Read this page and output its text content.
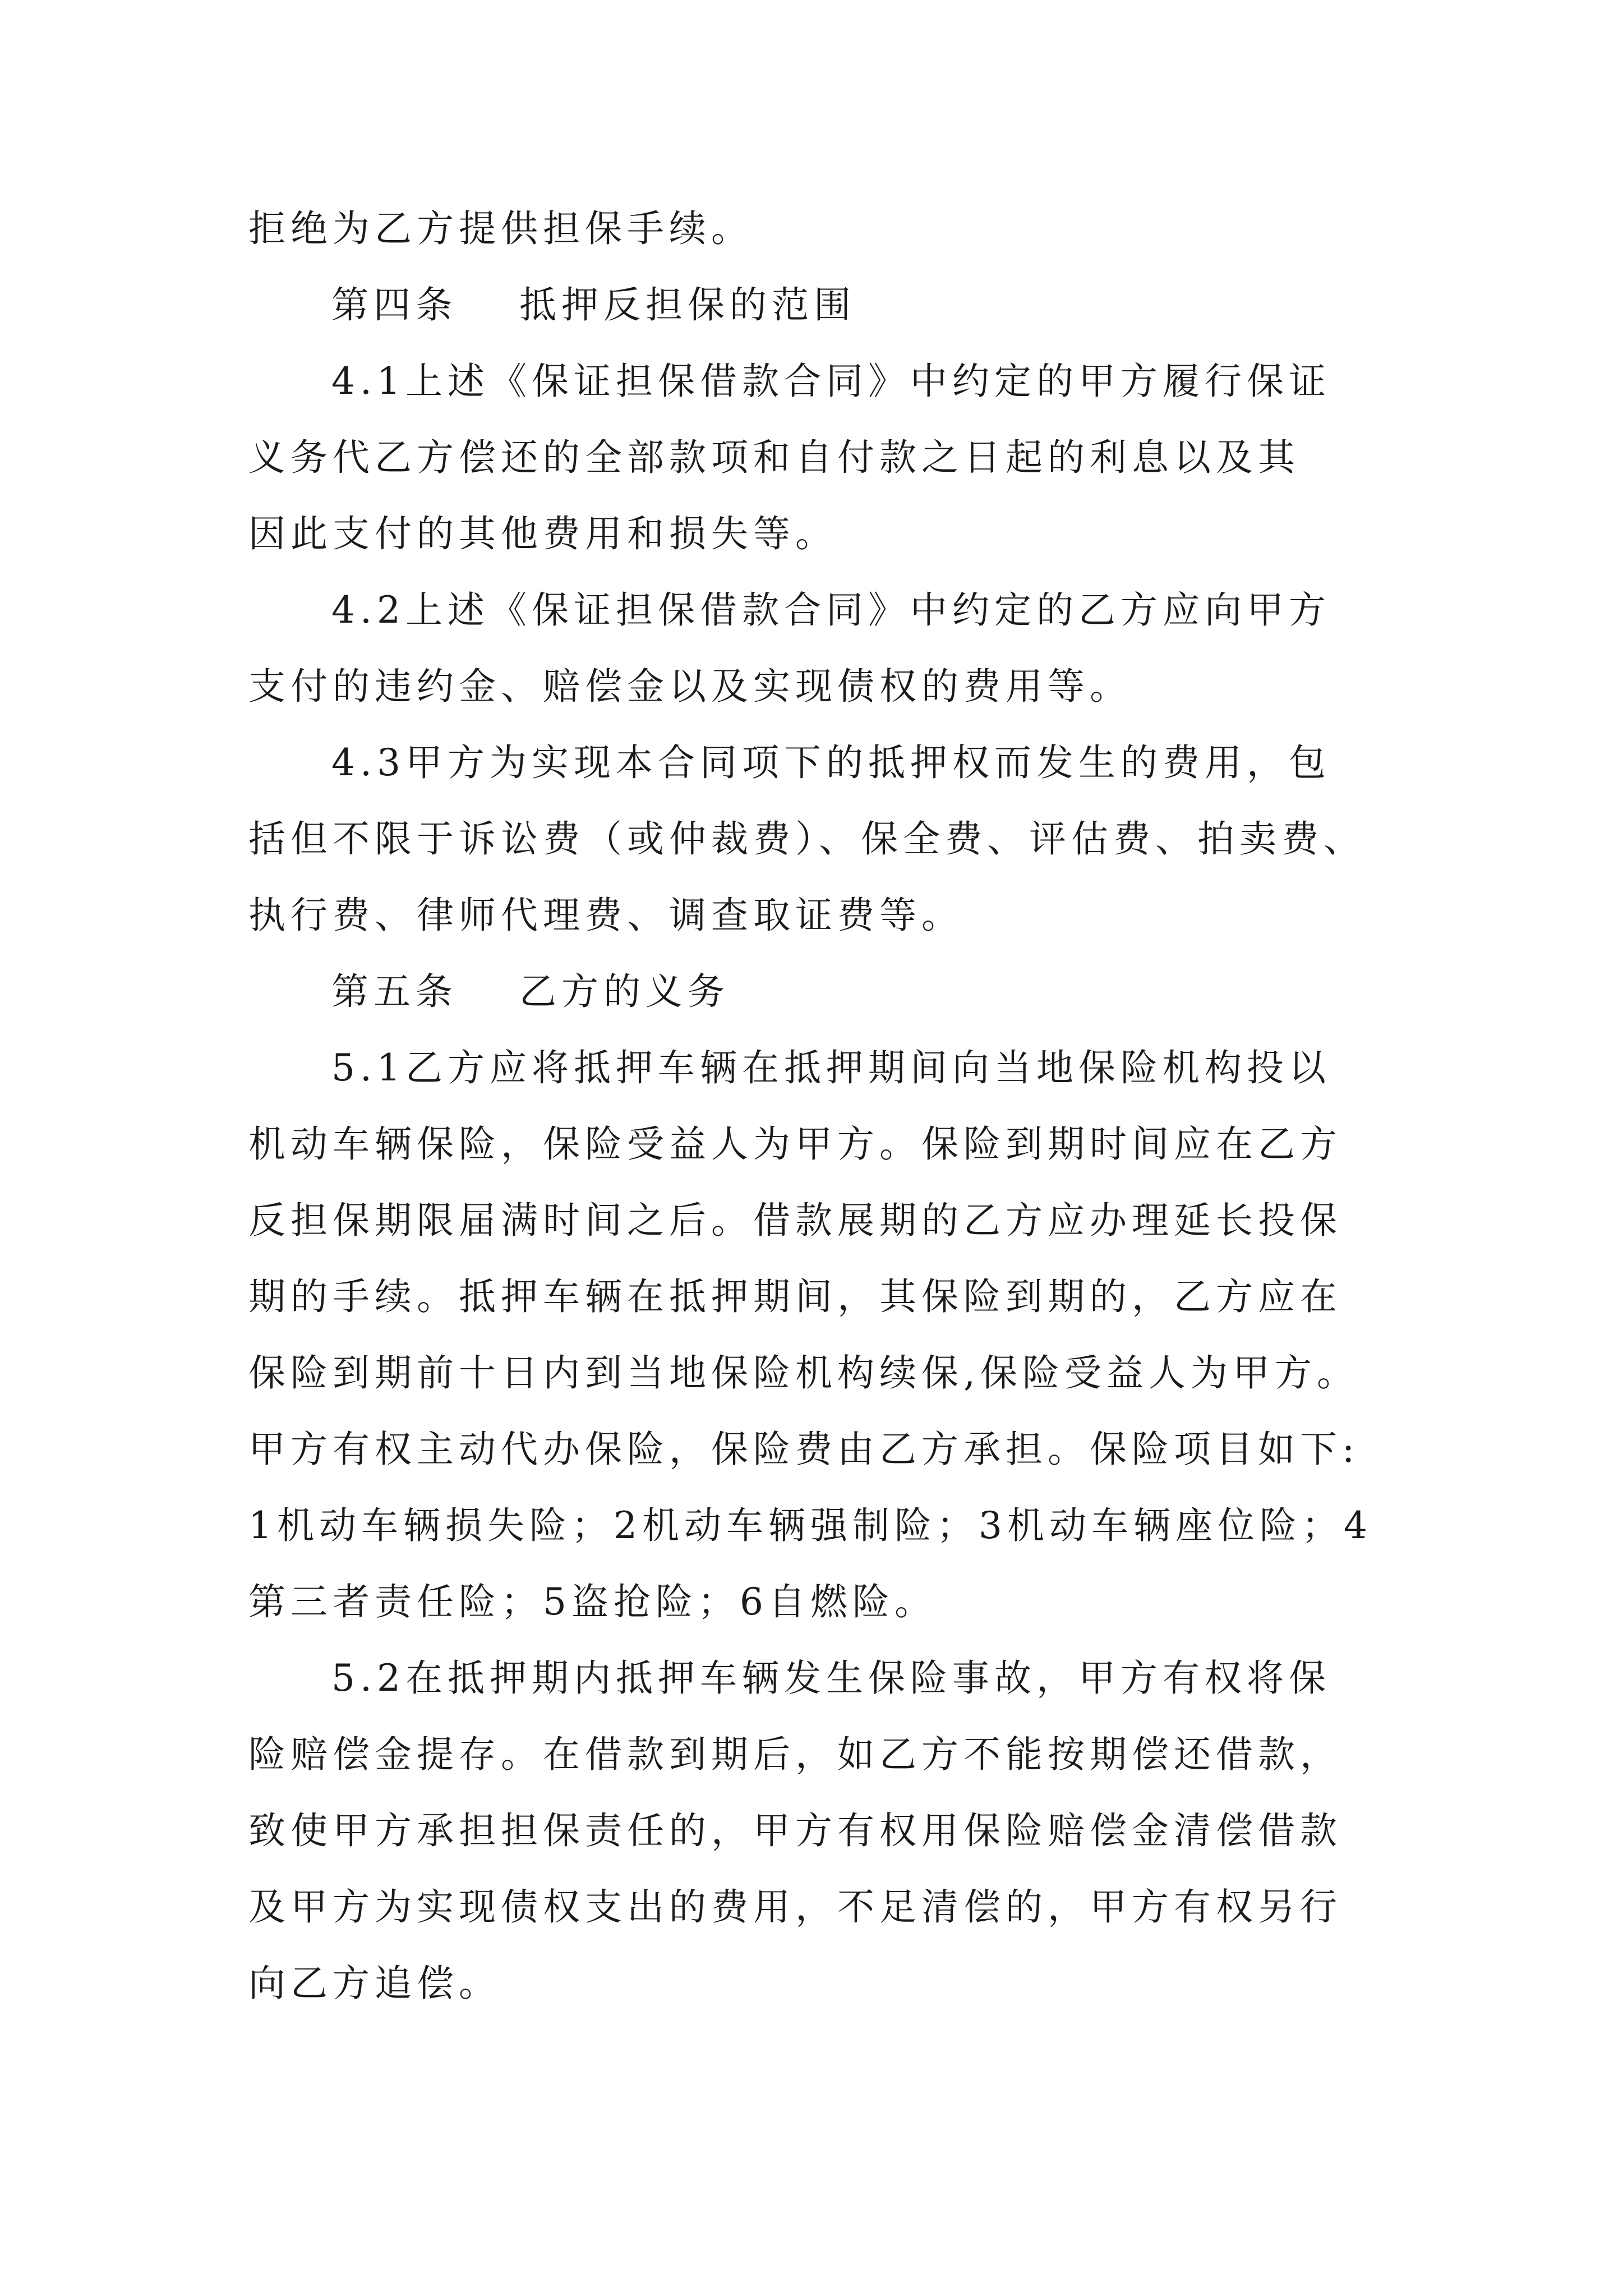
拒绝为乙方提供担保手续。
第四条 抵押反担保的范围
4.1上述《保证担保借款合同》中约定的甲方履行保证
义务代乙方偿还的全部款项和自付款之日起的利息以及其
因此支付的其他费用和损失等。
4.2上述《保证担保借款合同》中约定的乙方应向甲方
支付的违约金、赔偿金以及实现债权的费用等。
4.3甲方为实现本合同项下的抵押权而发生的费用，包
括但不限于诉讼费（或仲裁费）、保全费、评估费、拍卖费、
执行费、律师代理费、调查取证费等。
第五条 乙方的义务
5.1乙方应将抵押车辆在抵押期间向当地保险机构投以
机动车辆保险，保险受益人为甲方。保险到期时间应在乙方
反担保期限届满时间之后。借款展期的乙方应办理延长投保
期的手续。抵押车辆在抵押期间，其保险到期的，乙方应在
保险到期前十日内到当地保险机构续保,保险受益人为甲方。
甲方有权主动代办保险，保险费由乙方承担。保险项目如下:
1机动车辆损失险；2机动车辆强制险；3机动车辆座位险；4
第三者责任险；5盗抢险；6自燃险。
5.2在抵押期内抵押车辆发生保险事故，甲方有权将保
险赔偿金提存。在借款到期后，如乙方不能按期偿还借款，
致使甲方承担担保责任的，甲方有权用保险赔偿金清偿借款
及甲方为实现债权支出的费用，不足清偿的，甲方有权另行
向乙方追偿。
